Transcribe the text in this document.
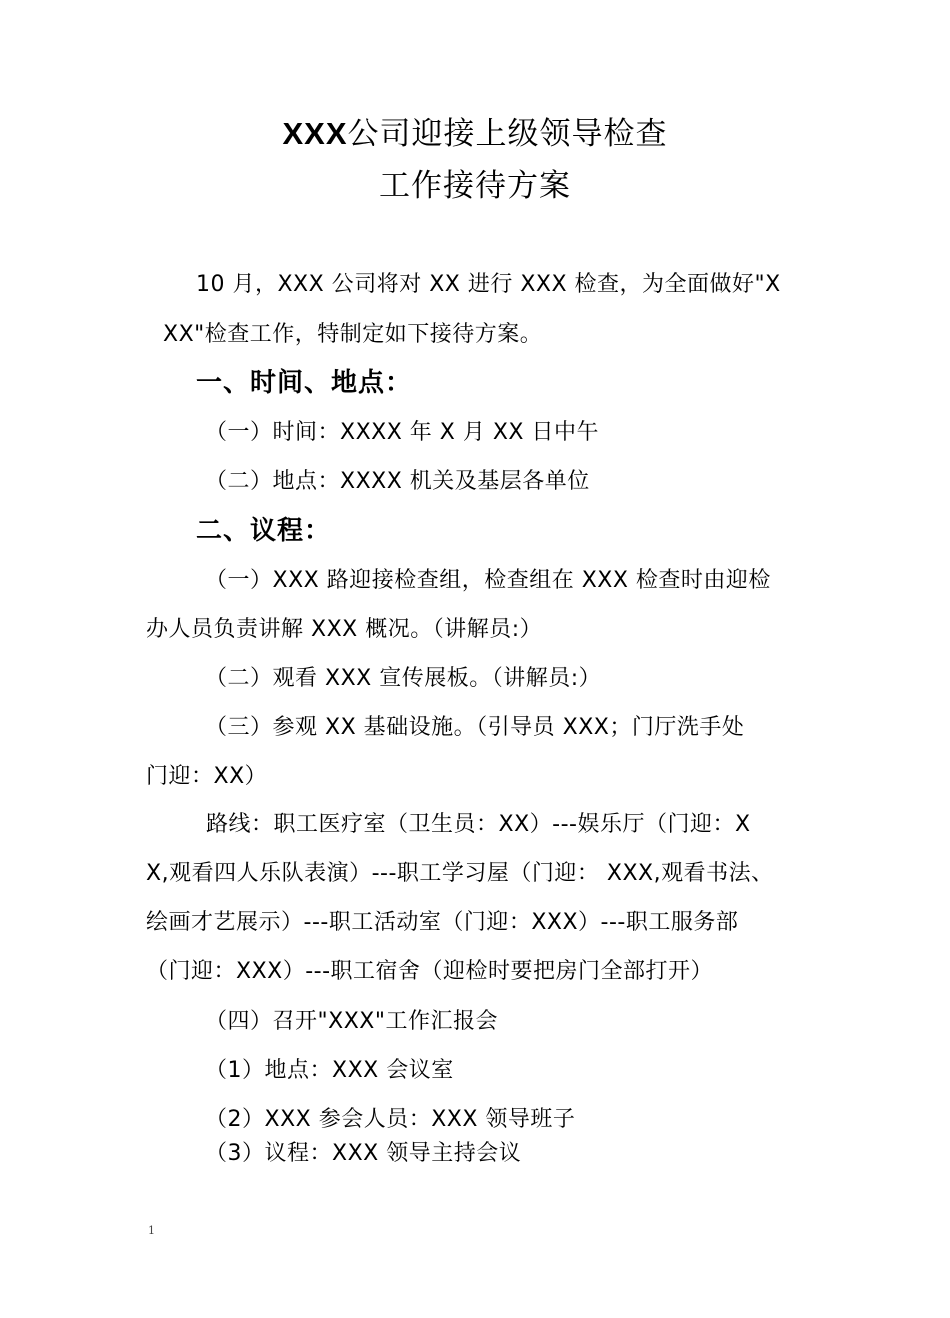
XXX公司迎接上级领导检查
工作接待方案
10 月，XXX 公司将对 XX 进行 XXX 检查，为全面做好"X
XX"检查工作，特制定如下接待方案。
一、时间、地点：
（一）时间：XXXX 年 X 月 XX 日中午
（二）地点：XXXX 机关及基层各单位
二、议程：
（一）XXX 路迎接检查组，检查组在 XXX 检查时由迎检
办人员负责讲解 XXX 概况。（讲解员:）
（二）观看 XXX 宣传展板。（讲解员:）
（三）参观 XX 基础设施。（引导员 XXX；门厅洗手处
门迎：XX）
路线：职工医疗室（卫生员：XX）---娱乐厅（门迎：X
X,观看四人乐队表演）---职工学习屋（门迎： XXX,观看书法、
绘画才艺展示）---职工活动室（门迎：XXX）---职工服务部
（门迎：XXX）---职工宿舍（迎检时要把房门全部打开）
（四）召开"XXX"工作汇报会
（1）地点：XXX 会议室
（2）XXX 参会人员：XXX 领导班子
（3）议程：XXX 领导主持会议
1
